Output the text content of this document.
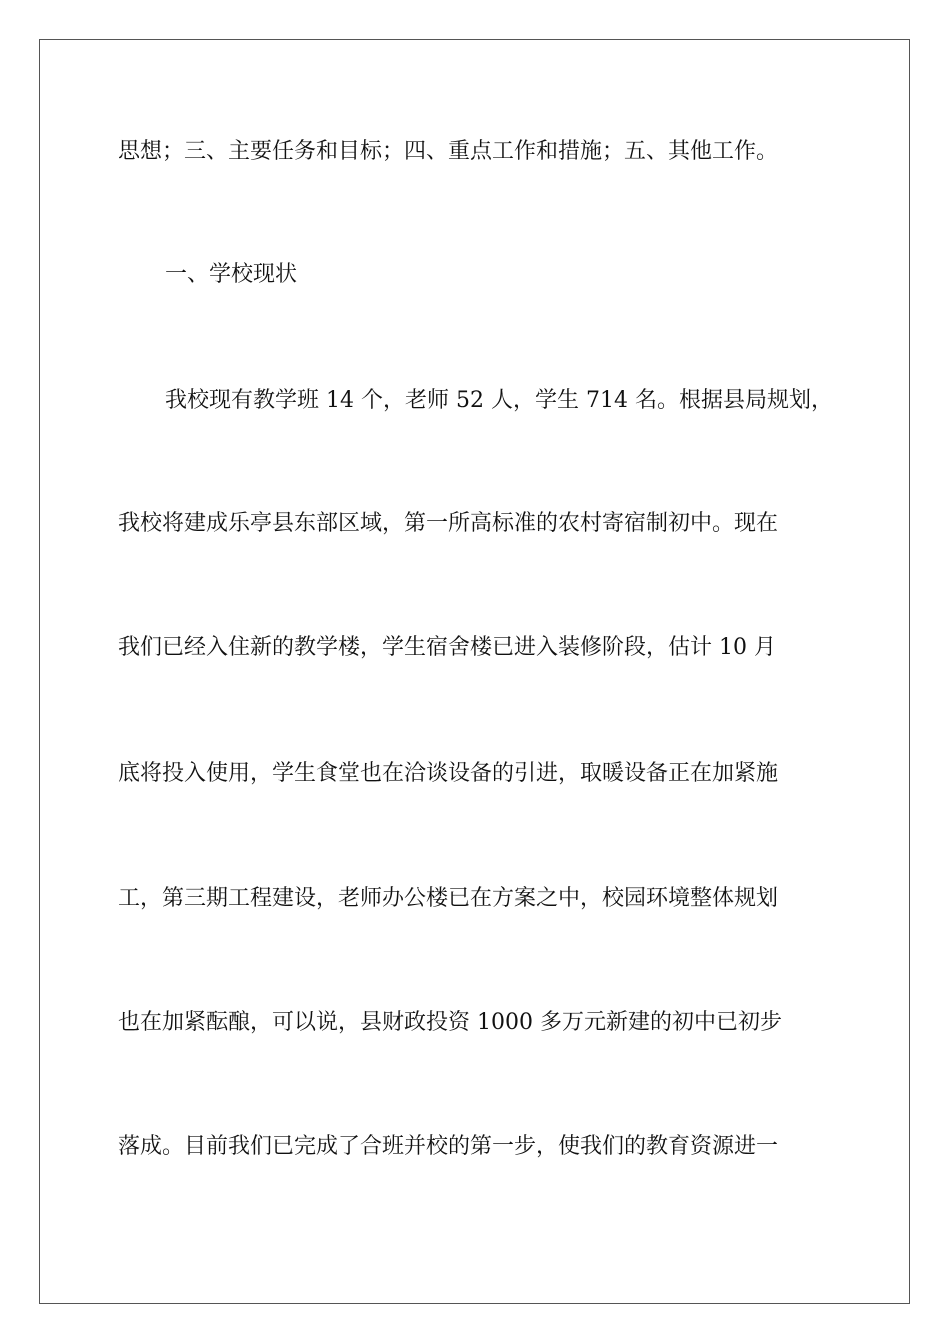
思想；三、主要任务和目标；四、重点工作和措施；五、其他工作。

一、学校现状

我校现有教学班 14 个，老师 52 人，学生 714 名。根据县局规划，

我校将建成乐亭县东部区域，第一所高标准的农村寄宿制初中。现在

我们已经入住新的教学楼，学生宿舍楼已进入装修阶段，估计 10 月

底将投入使用，学生食堂也在洽谈设备的引进，取暖设备正在加紧施

工，第三期工程建设，老师办公楼已在方案之中，校园环境整体规划

也在加紧酝酿，可以说，县财政投资 1000 多万元新建的初中已初步

落成。目前我们已完成了合班并校的第一步，使我们的教育资源进一
